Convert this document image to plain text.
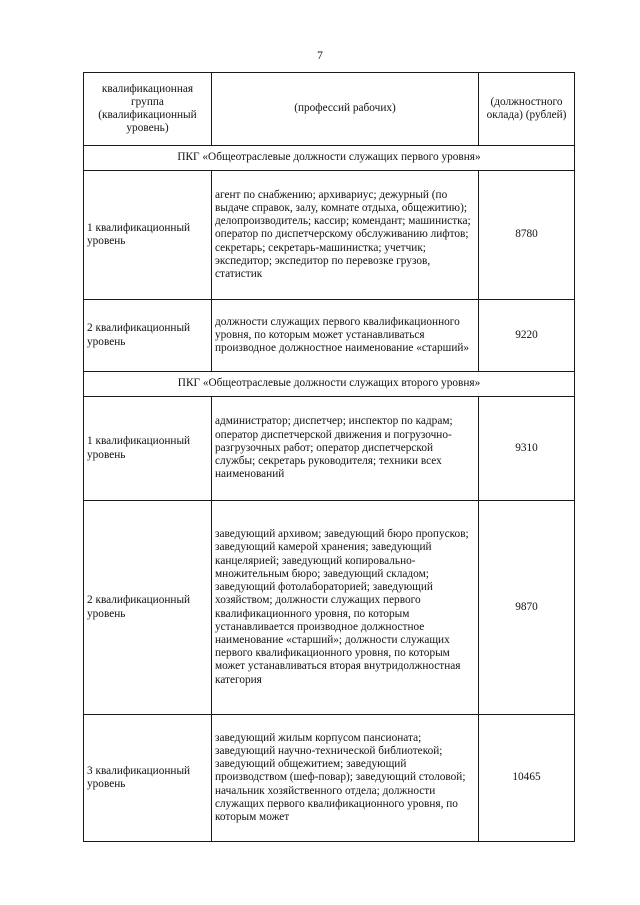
7
квалификационная группа (квалификационный уровень)	(профессий рабочих)	(должностного оклада) (рублей)
ПКГ «Общеотраслевые должности служащих первого уровня»		
1 квалификационный уровень	агент по снабжению; архивариус; дежурный (по выдаче справок, залу, комнате отдыха, общежитию); делопроизводитель; кассир; комендант; машинистка; оператор по диспетчерскому обслуживанию лифтов; секретарь; секретарь-машинистка; учетчик; экспедитор; экспедитор по перевозке грузов, статистик	8780
2 квалификационный уровень	должности служащих первого квалификационного уровня, по которым может устанавливаться производное должностное наименование «старший»	9220
ПКГ «Общеотраслевые должности служащих второго уровня»		
1 квалификационный уровень	администратор; диспетчер; инспектор по кадрам; оператор диспетчерской движения и погрузочно-разгрузочных работ; оператор диспетчерской службы; секретарь руководителя; техники всех наименований	9310
2 квалификационный уровень	заведующий архивом; заведующий бюро пропусков; заведующий камерой хранения; заведующий канцелярией; заведующий копировально-множительным бюро; заведующий складом; заведующий фотолабораторией; заведующий хозяйством; должности служащих первого квалификационного уровня, по которым устанавливается производное должностное наименование «старший»; должности служащих первого квалификационного уровня, по которым может устанавливаться вторая внутридолжностная категория	9870
3 квалификационный уровень	заведующий жилым корпусом пансионата; заведующий научно-технической библиотекой; заведующий общежитием; заведующий производством (шеф-повар); заведующий столовой; начальник хозяйственного отдела; должности служащих первого квалификационного уровня, по которым может	10465
